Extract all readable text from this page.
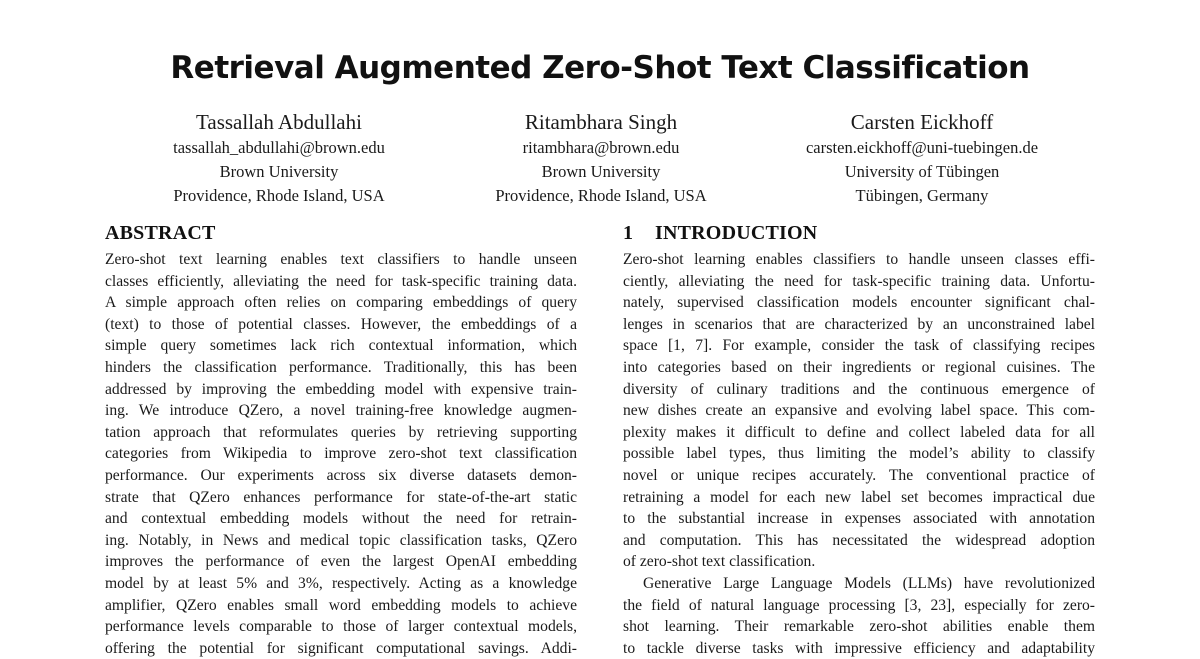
Retrieval Augmented Zero-Shot Text Classification
Tassallah Abdullahi
tassallah_abdullahi@brown.edu
Brown University
Providence, Rhode Island, USA
Ritambhara Singh
ritambhara@brown.edu
Brown University
Providence, Rhode Island, USA
Carsten Eickhoff
carsten.eickhoff@uni-tuebingen.de
University of Tübingen
Tübingen, Germany
ABSTRACT
Zero-shot text learning enables text classifiers to handle unseen
classes efficiently, alleviating the need for task-specific training data.
A simple approach often relies on comparing embeddings of query
(text) to those of potential classes. However, the embeddings of a
simple query sometimes lack rich contextual information, which
hinders the classification performance. Traditionally, this has been
addressed by improving the embedding model with expensive train-
ing. We introduce QZero, a novel training-free knowledge augmen-
tation approach that reformulates queries by retrieving supporting
categories from Wikipedia to improve zero-shot text classification
performance. Our experiments across six diverse datasets demon-
strate that QZero enhances performance for state-of-the-art static
and contextual embedding models without the need for retrain-
ing. Notably, in News and medical topic classification tasks, QZero
improves the performance of even the largest OpenAI embedding
model by at least 5% and 3%, respectively. Acting as a knowledge
amplifier, QZero enables small word embedding models to achieve
performance levels comparable to those of larger contextual models,
offering the potential for significant computational savings. Addi-
1 INTRODUCTION
Zero-shot learning enables classifiers to handle unseen classes effi-
ciently, alleviating the need for task-specific training data. Unfortu-
nately, supervised classification models encounter significant chal-
lenges in scenarios that are characterized by an unconstrained label
space [1, 7]. For example, consider the task of classifying recipes
into categories based on their ingredients or regional cuisines. The
diversity of culinary traditions and the continuous emergence of
new dishes create an expansive and evolving label space. This com-
plexity makes it difficult to define and collect labeled data for all
possible label types, thus limiting the model’s ability to classify
novel or unique recipes accurately. The conventional practice of
retraining a model for each new label set becomes impractical due
to the substantial increase in expenses associated with annotation
and computation. This has necessitated the widespread adoption
of zero-shot text classification.
Generative Large Language Models (LLMs) have revolutionized
the field of natural language processing [3, 23], especially for zero-
shot learning. Their remarkable zero-shot abilities enable them
to tackle diverse tasks with impressive efficiency and adaptability
